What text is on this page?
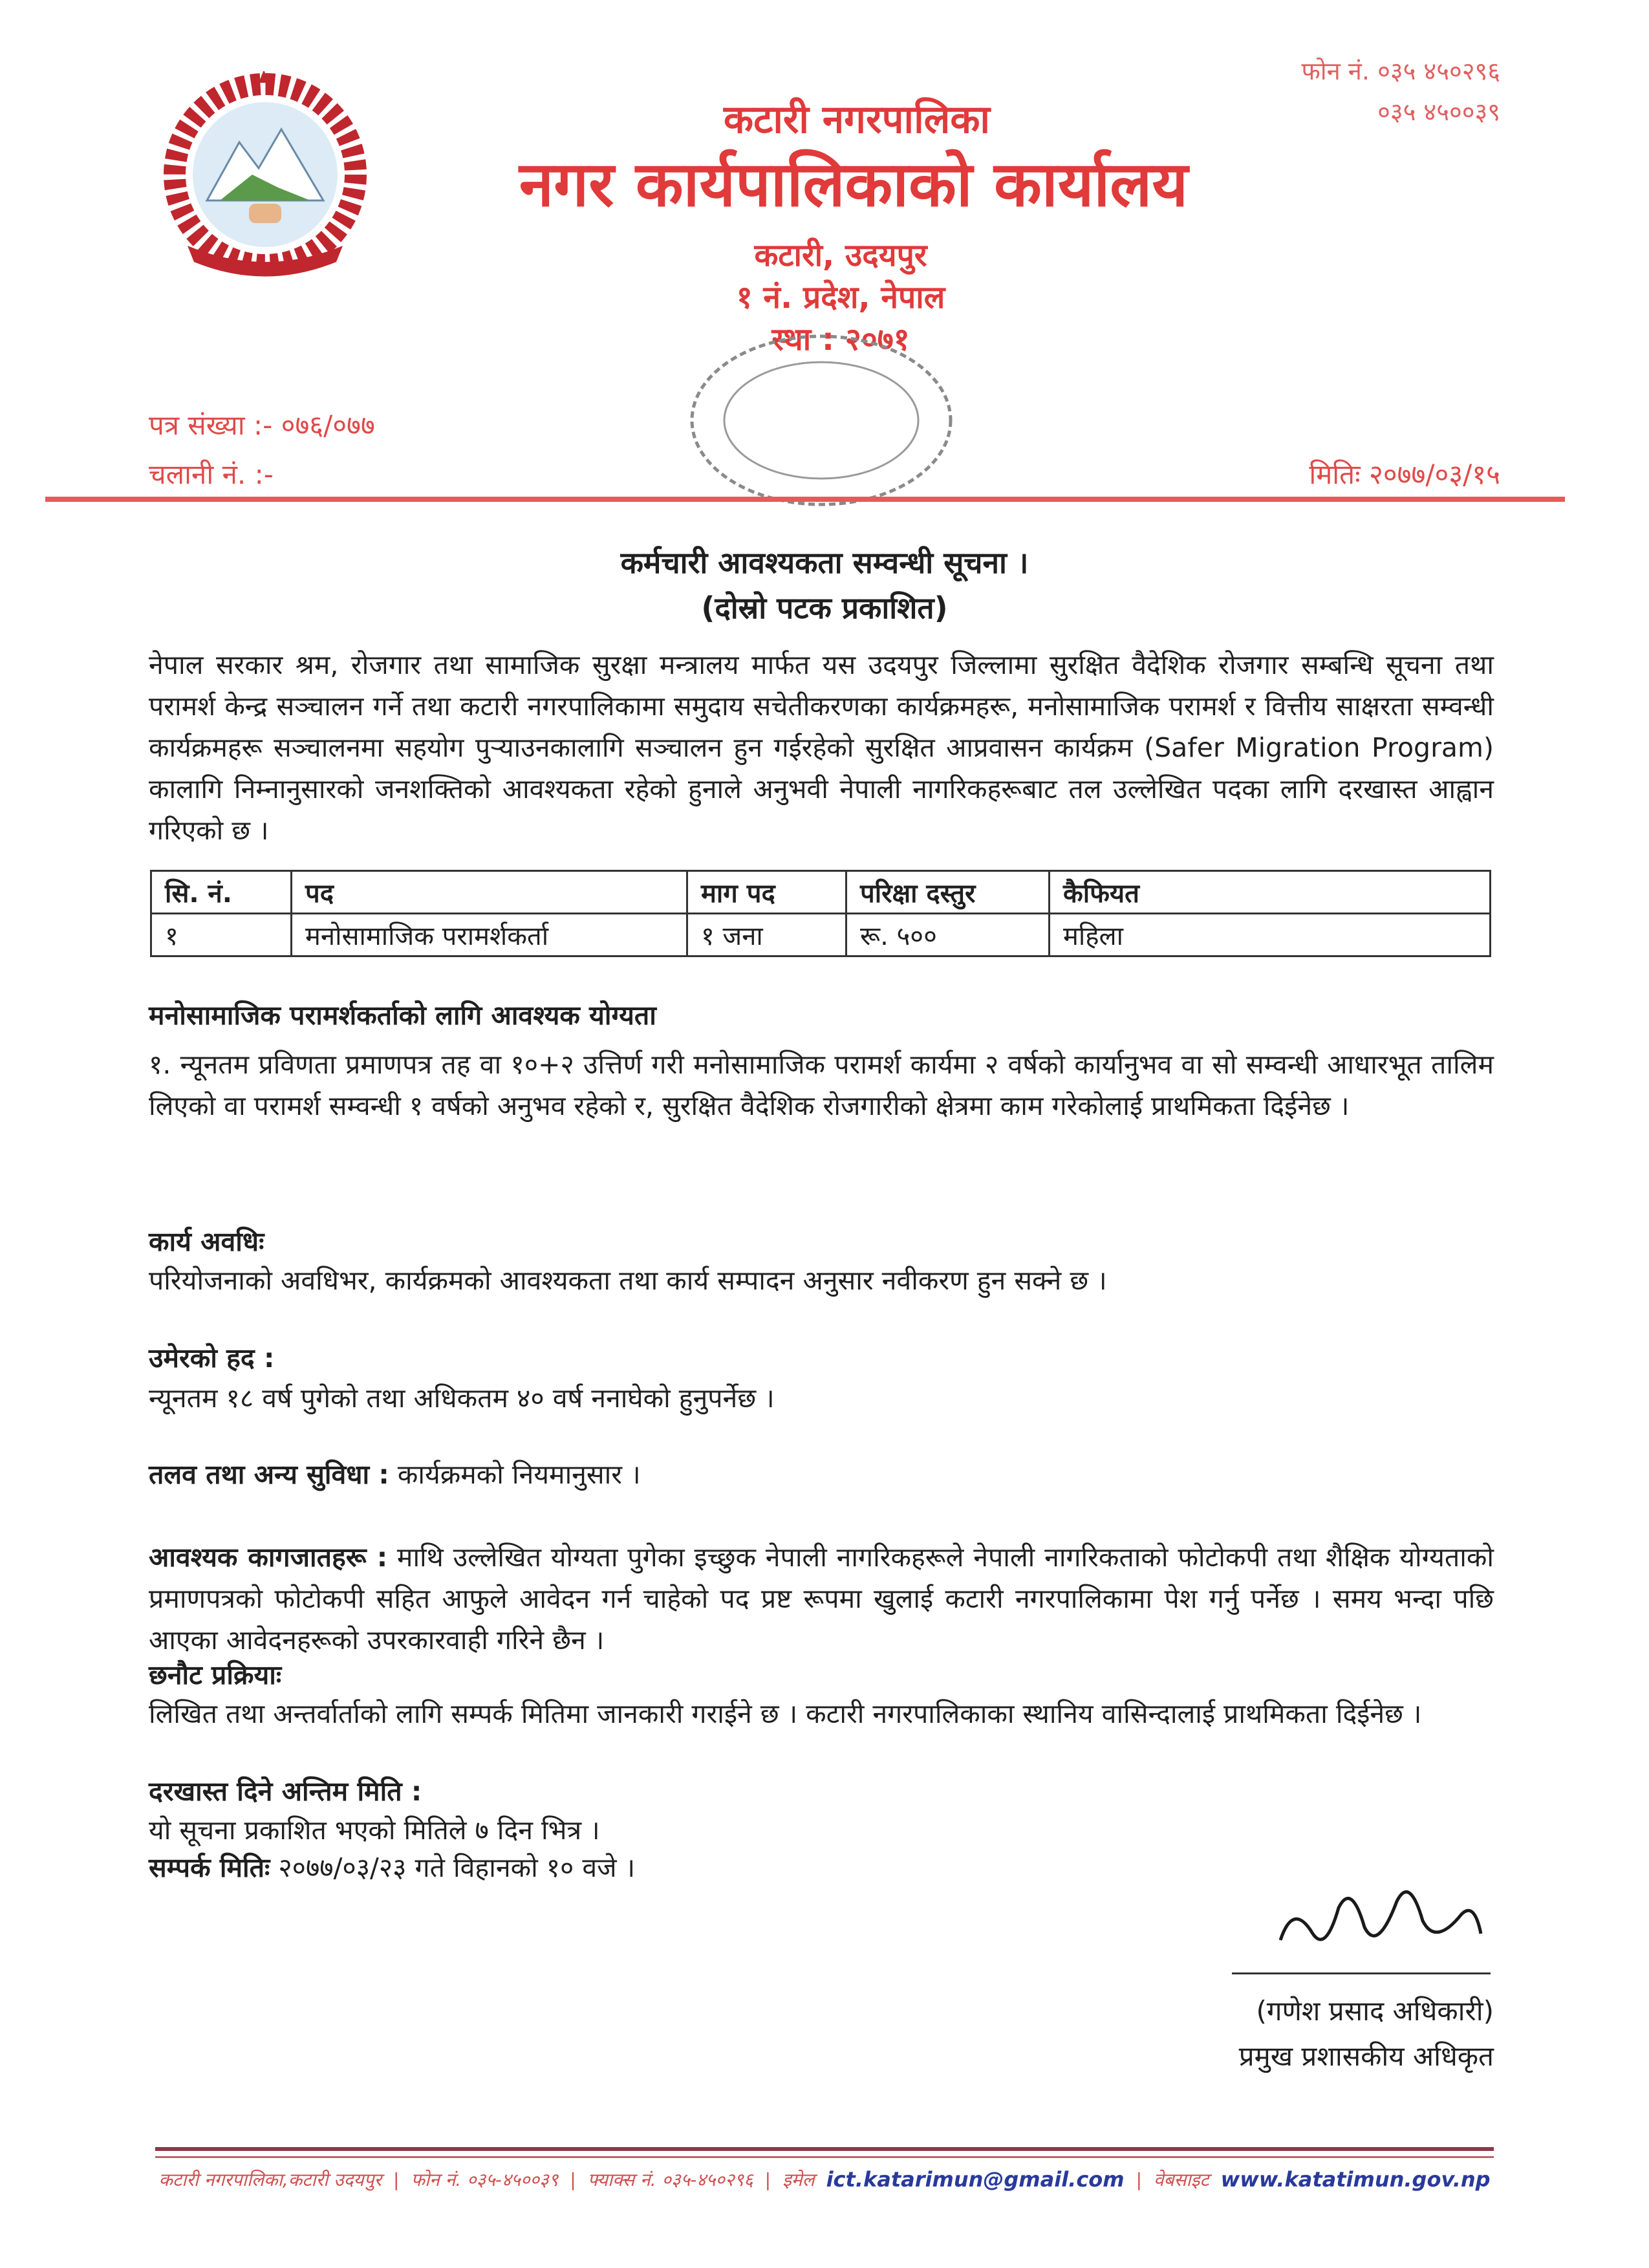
कटारी नगरपालिका
नगर कार्यपालिकाको कार्यालय
कटारी, उदयपुर
१ नं. प्रदेश, नेपाल
स्था : २०७१
फोन नं. ०३५ ४५०२९६
०३५ ४५००३९
पत्र संख्या :- ०७६/०७७
चलानी नं. :-	मितिः २०७७/०३/१५
कर्मचारी आवश्यकता सम्वन्धी सूचना ।
(दोस्रो पटक प्रकाशित)
नेपाल सरकार श्रम, रोजगार तथा सामाजिक सुरक्षा मन्त्रालय मार्फत यस उदयपुर जिल्लामा सुरक्षित वैदेशिक रोजगार सम्बन्धि सूचना तथा परामर्श केन्द्र सञ्चालन गर्ने तथा कटारी नगरपालिकामा समुदाय सचेतीकरणका कार्यक्रमहरू, मनोसामाजिक परामर्श र वित्तीय साक्षरता सम्वन्धी कार्यक्रमहरू सञ्चालनमा सहयोग पुऱ्याउनकालागि सञ्चालन हुन गईरहेको सुरक्षित आप्रवासन कार्यक्रम (Safer Migration Program) कालागि निम्नानुसारको जनशक्तिको आवश्यकता रहेको हुनाले अनुभवी नेपाली नागरिकहरूबाट तल उल्लेखित पदका लागि दरखास्त आह्वान गरिएको छ ।
सि. नं.	पद	माग पद	परिक्षा दस्तुर	कैफियत
१	मनोसामाजिक परामर्शकर्ता	१ जना	रू. ५००	महिला
मनोसामाजिक परामर्शकर्ताको लागि आवश्यक योग्यता
१. न्यूनतम प्रविणता प्रमाणपत्र तह वा १०+२ उत्तिर्ण गरी मनोसामाजिक परामर्श कार्यमा २ वर्षको कार्यानुभव वा सो सम्वन्धी आधारभूत तालिम लिएको वा परामर्श सम्वन्धी १ वर्षको अनुभव रहेको र, सुरक्षित वैदेशिक रोजगारीको क्षेत्रमा काम गरेकोलाई प्राथमिकता दिईनेछ ।
कार्य अवधिः
परियोजनाको अवधिभर, कार्यक्रमको आवश्यकता तथा कार्य सम्पादन अनुसार नवीकरण हुन सक्ने छ ।
उमेरको हद :
न्यूनतम १८ वर्ष पुगेको तथा अधिकतम ४० वर्ष ननाघेको हुनुपर्नेछ ।
तलव तथा अन्य सुविधा : कार्यक्रमको नियमानुसार ।
आवश्यक कागजातहरू : माथि उल्लेखित योग्यता पुगेका इच्छुक नेपाली नागरिकहरूले नेपाली नागरिकताको फोटोकपी तथा शैक्षिक योग्यताको प्रमाणपत्रको फोटोकपी सहित आफुले आवेदन गर्न चाहेको पद प्रष्ट रूपमा खुलाई कटारी नगरपालिकामा पेश गर्नु पर्नेछ । समय भन्दा पछि आएका आवेदनहरूको उपरकारवाही गरिने छैन ।
छनौट प्रक्रियाः
लिखित तथा अन्तर्वार्ताको लागि सम्पर्क मितिमा जानकारी गराईने छ । कटारी नगरपालिकाका स्थानिय वासिन्दालाई प्राथमिकता दिईनेछ ।
दरखास्त दिने अन्तिम मिति :
यो सूचना प्रकाशित भएको मितिले ७ दिन भित्र ।
सम्पर्क मितिः २०७७/०३/२३ गते विहानको १० वजे ।
(गणेश प्रसाद अधिकारी)
प्रमुख प्रशासकीय अधिकृत
कटारी नगरपालिका,कटारी उदयपुर | फोन नं. ०३५-४५००३९ | फ्याक्स नं. ०३५-४५०२९६ | इमेल ict.katarimun@gmail.com | वेबसाइट www.katatimun.gov.np
